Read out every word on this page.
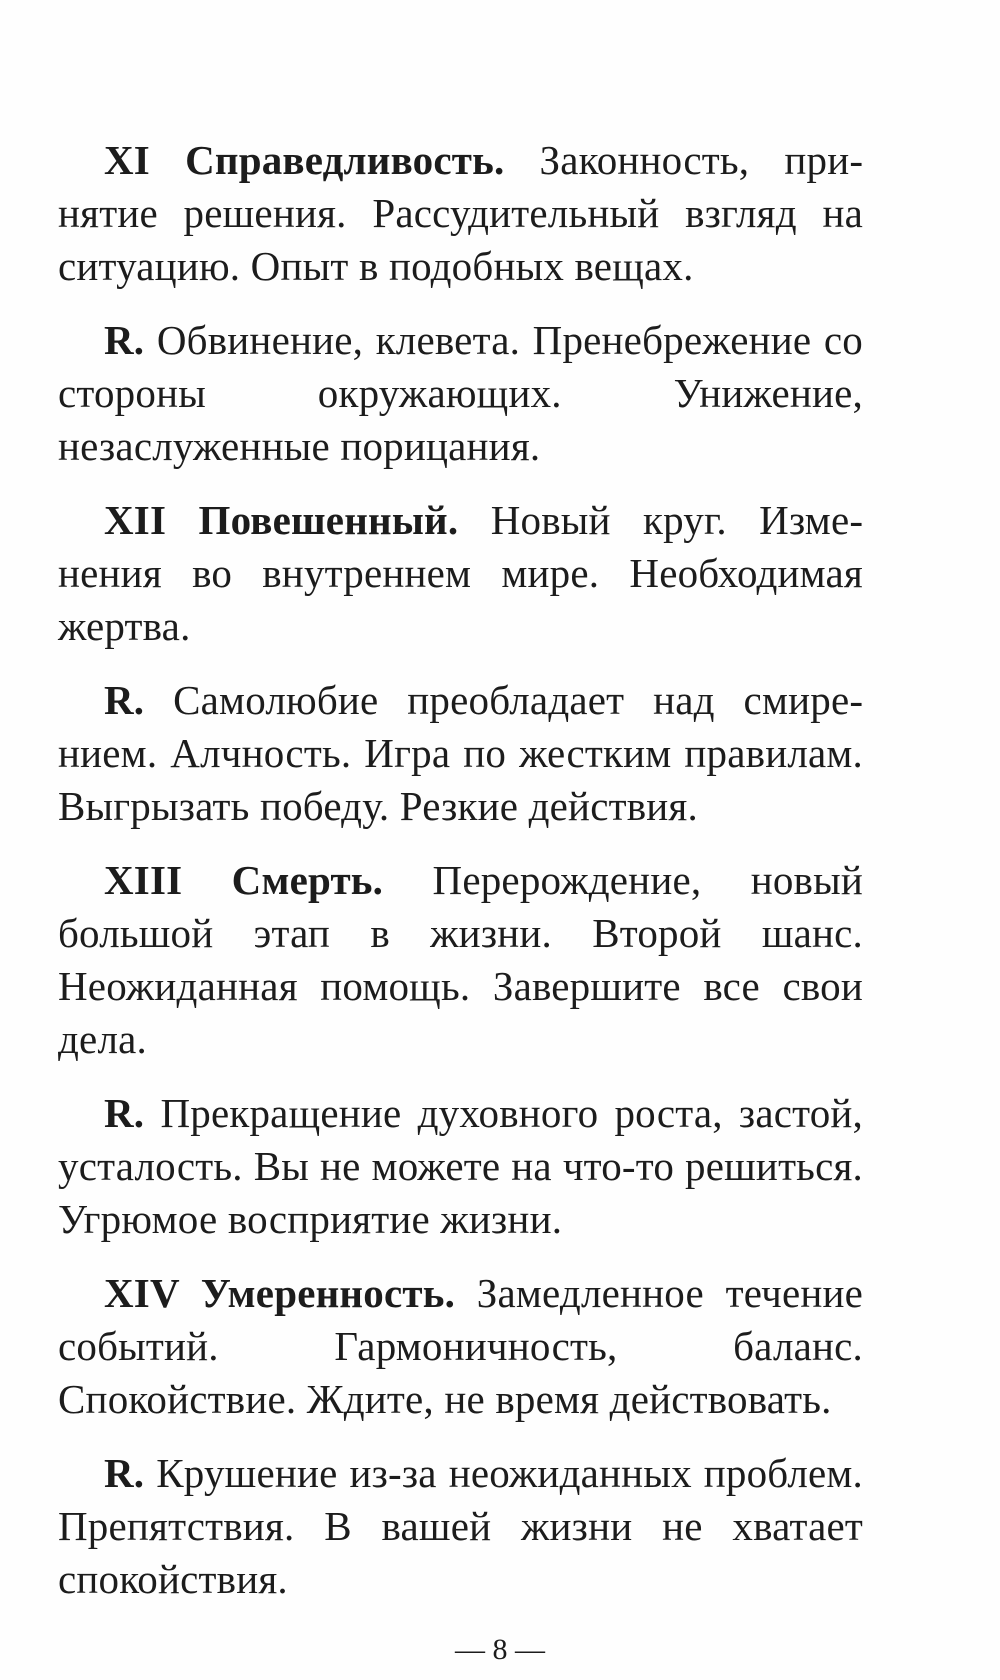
XI Справедливость. Законность, принятие решения. Рассудительный взгляд на ситуацию. Опыт в подобных вещах.

R. Обвинение, клевета. Пренебрежение со стороны окружающих. Унижение, незаслуженные порицания.

XII Повешенный. Новый круг. Изменения во внутреннем мире. Необходимая жертва.

R. Самолюбие преобладает над смирением. Алчность. Игра по жестким правилам. Выгрызать победу. Резкие действия.

XIII Смерть. Перерождение, новый большой этап в жизни. Второй шанс. Неожиданная помощь. Завершите все свои дела.

R. Прекращение духовного роста, застой, усталость. Вы не можете на что-то решиться. Угрюмое восприятие жизни.

XIV Умеренность. Замедленное течение событий. Гармоничность, баланс. Спокойствие. Ждите, не время действовать.

R. Крушение из-за неожиданных проблем. Препятствия. В вашей жизни не хватает спокойствия.

— 8 —
